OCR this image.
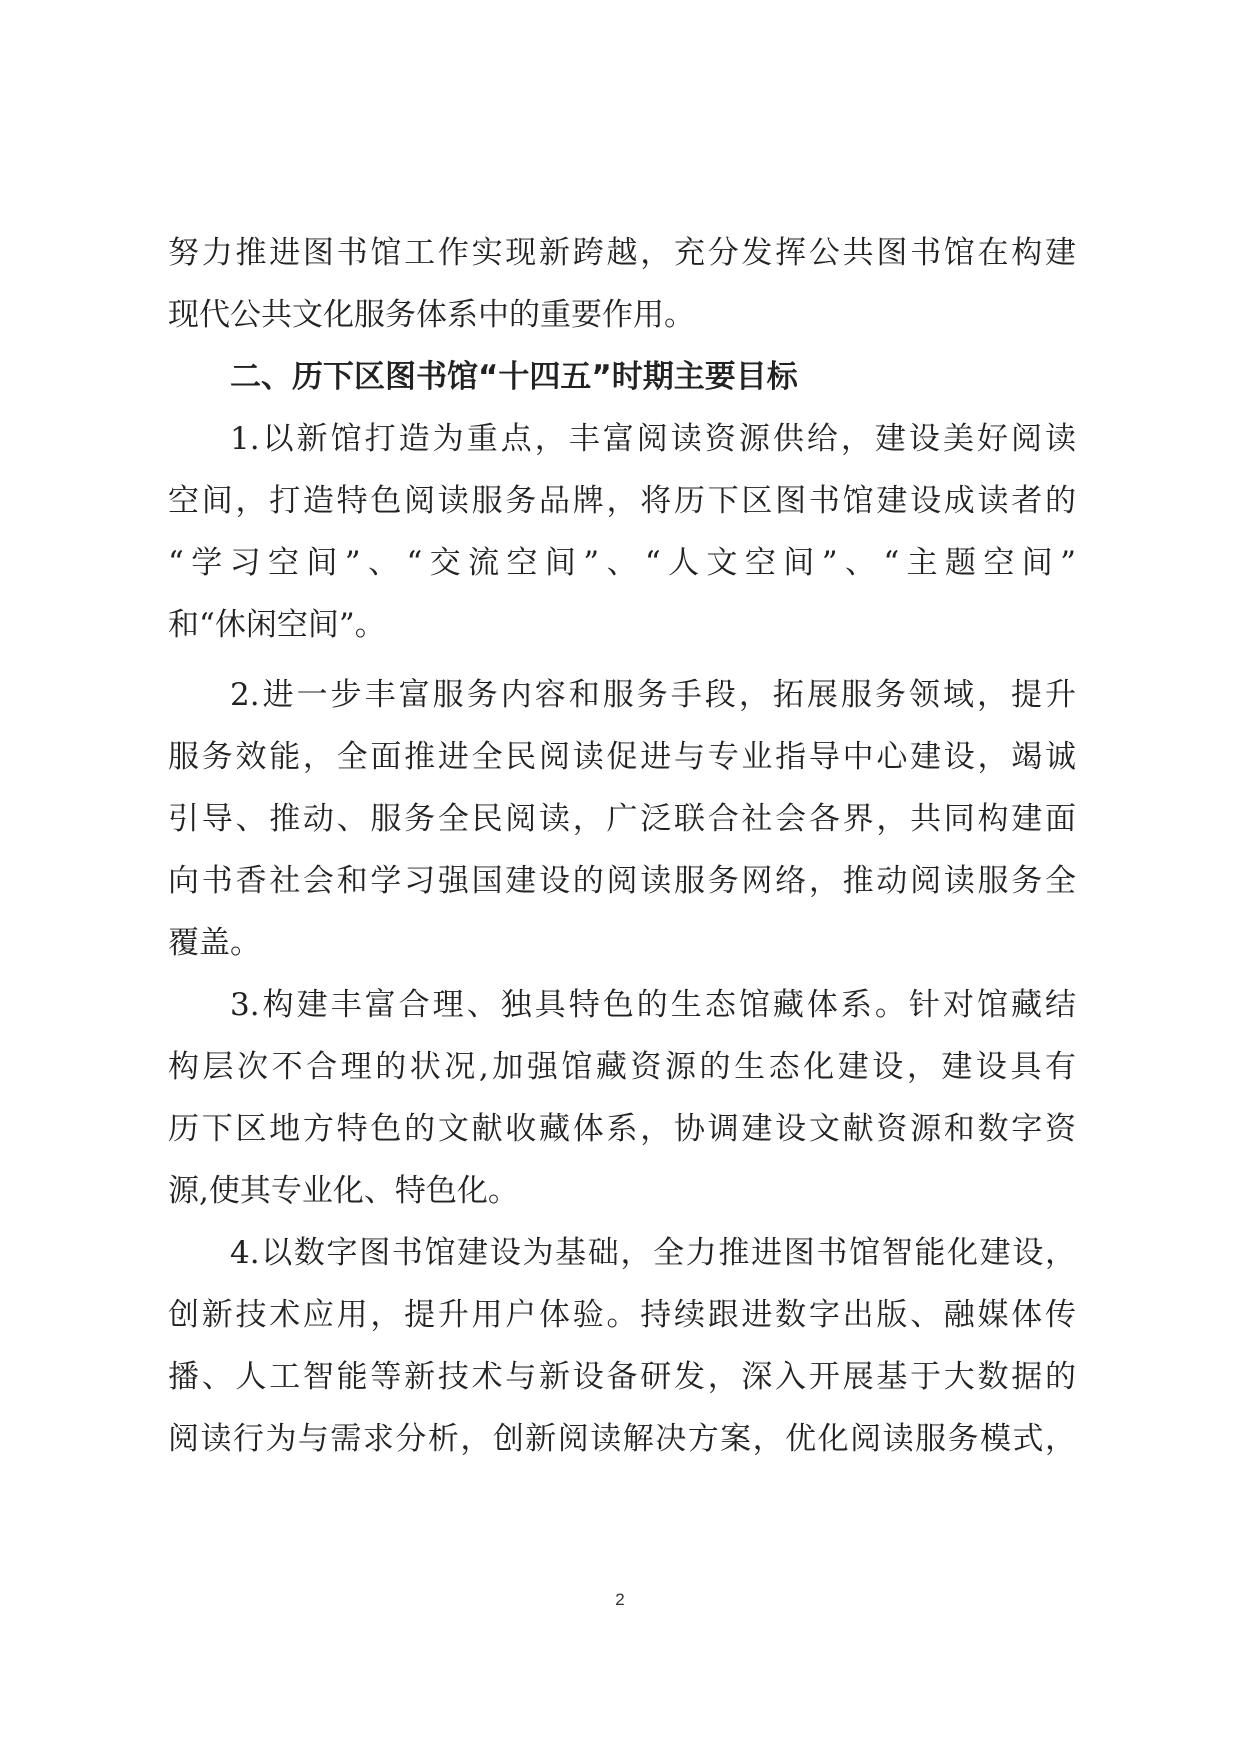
努力推进图书馆工作实现新跨越，充分发挥公共图书馆在构建
现代公共文化服务体系中的重要作用。
二、历下区图书馆“十四五”时期主要目标
1.以新馆打造为重点，丰富阅读资源供给，建设美好阅读
空间，打造特色阅读服务品牌，将历下区图书馆建设成读者的
“学习空间”、“交流空间”、“人文空间”、“主题空间”
和“休闲空间”。
2.进一步丰富服务内容和服务手段，拓展服务领域，提升
服务效能，全面推进全民阅读促进与专业指导中心建设，竭诚
引导、推动、服务全民阅读，广泛联合社会各界，共同构建面
向书香社会和学习强国建设的阅读服务网络，推动阅读服务全
覆盖。
3.构建丰富合理、独具特色的生态馆藏体系。针对馆藏结
构层次不合理的状况,加强馆藏资源的生态化建设，建设具有
历下区地方特色的文献收藏体系，协调建设文献资源和数字资
源,使其专业化、特色化。
4.以数字图书馆建设为基础，全力推进图书馆智能化建设，
创新技术应用，提升用户体验。持续跟进数字出版、融媒体传
播、人工智能等新技术与新设备研发，深入开展基于大数据的
阅读行为与需求分析，创新阅读解决方案，优化阅读服务模式，
2
